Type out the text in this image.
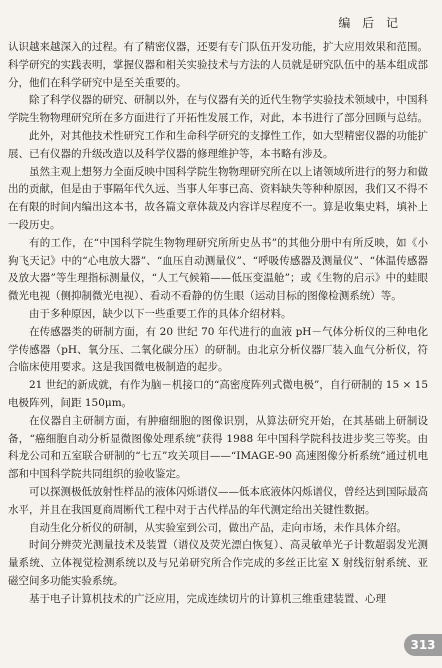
编 后 记

认识越来越深入的过程。有了精密仪器，还要有专门队伍开发功能，扩大应用效果和范围。科学研究的实践表明，掌握仪器和相关实验技术与方法的人员就是研究队伍中的基本组成部分，他们在科学研究中是至关重要的。

除了科学仪器的研究、研制以外，在与仪器有关的近代生物学实验技术领域中，中国科学院生物物理研究所在多方面进行了开拓性发展工作，对此，本书进行了部分回顾与总结。

此外，对其他技术性研究工作和生命科学研究的支撑性工作，如大型精密仪器的功能扩展、已有仪器的升级改造以及科学仪器的修理维护等，本书略有涉及。

虽然主观上想努力全面反映中国科学院生物物理研究所在以上诸领域所进行的努力和做出的贡献，但是由于事隔年代久远、当事人年事已高、资料缺失等种种原因，我们又不得不在有限的时间内编出这本书，故各篇文章体裁及内容详尽程度不一。算是收集史料，填补上一段历史。

有的工作，在“中国科学院生物物理研究所所史丛书”的其他分册中有所反映，如《小狗飞天记》中的“心电放大器”、“血压自动测量仪”、“呼吸传感器及测量仪”、“体温传感器及放大器”等生理指标测量仪，“人工气候箱——低压变温舱”；或《生物的启示》中的蛙眼微光电视（侧抑制微光电视）、看动不看静的仿生眼（运动目标的图像检测系统）等。

由于多种原因，缺少以下一些重要工作的具体介绍材料。

在传感器类的研制方面，有 20 世纪 70 年代进行的血液 pH－气体分析仪的三种电化学传感器（pH、氧分压、二氧化碳分压）的研制。由北京分析仪器厂装入血气分析仪，符合临床使用要求。这是我国微电极制造的起步。

21 世纪的新成就，有作为脑－机接口的“高密度阵列式微电极”，自行研制的 15 × 15 电极阵列，间距 150μm。

在仪器自主研制方面，有肿瘤细胞的图像识别，从算法研究开始，在其基础上研制设备，“癌细胞自动分析显微图像处理系统”获得 1988 年中国科学院科技进步奖三等奖。由科龙公司和五室联合研制的“七五”攻关项目——“IMAGE-90 高速图像分析系统”通过机电部和中国科学院共同组织的验收鉴定。

可以探测极低放射性样品的液体闪烁谱仪——低本底液体闪烁谱仪，曾经达到国际最高水平，并且在我国夏商周断代工程中对于古代样品的年代测定给出关键性数据。

自动生化分析仪的研制，从实验室到公司，做出产品，走向市场，未作具体介绍。

时间分辨荧光测量技术及装置（谱仪及荧光漂白恢复）、高灵敏单光子计数超弱发光测量系统、立体视觉检测系统以及与兄弟研究所合作完成的多丝正比室 X 射线衍射系统、亚磁空间多功能实验系统。

基于电子计算机技术的广泛应用，完成连续切片的计算机三维重建装置、心理

313
